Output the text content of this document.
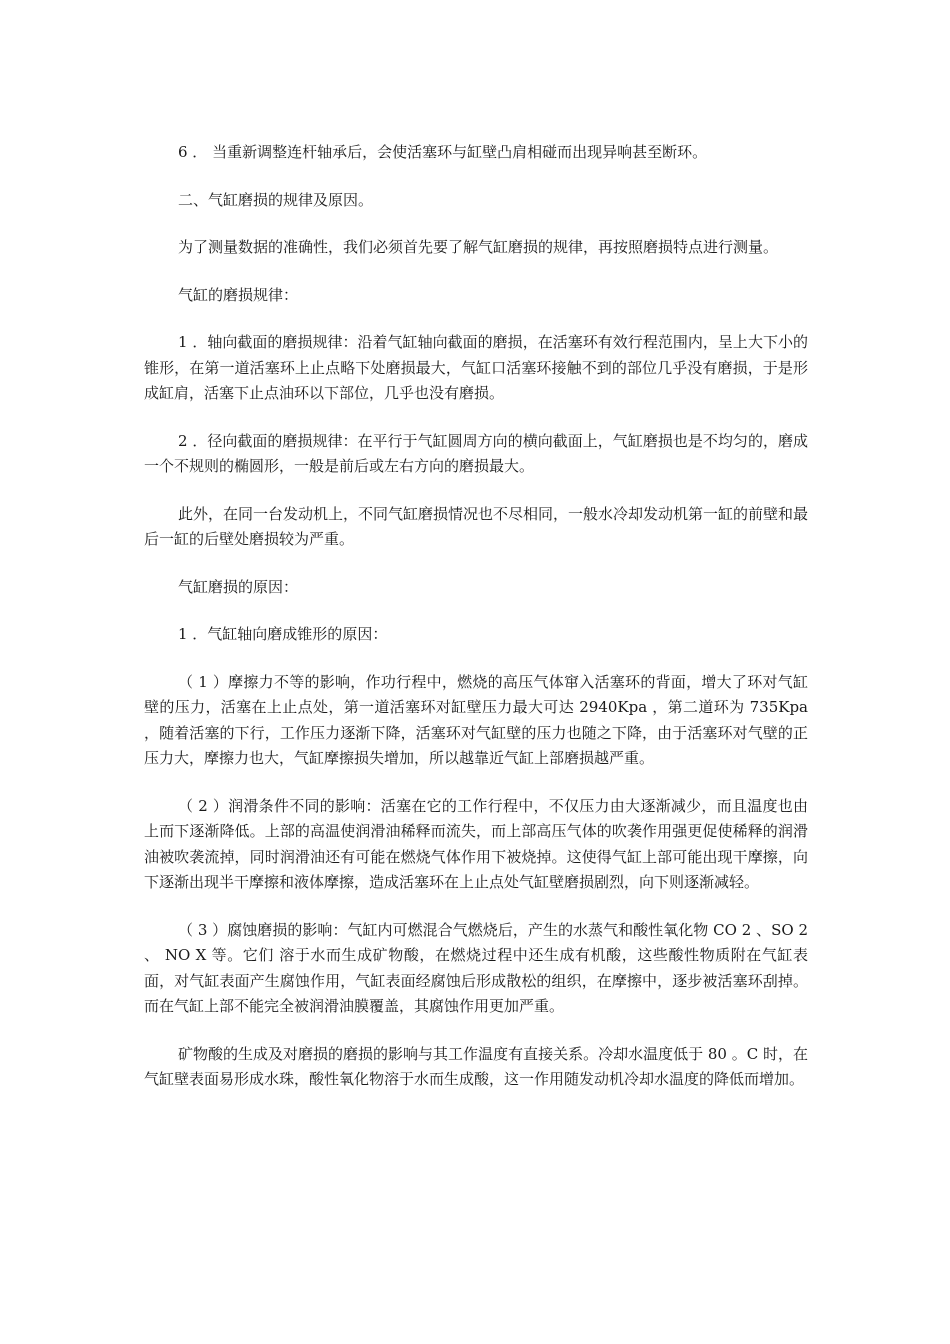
6 ． 当重新调整连杆轴承后，会使活塞环与缸壁凸肩相碰而出现异响甚至断环。

二、气缸磨损的规律及原因。

为了测量数据的准确性，我们必须首先要了解气缸磨损的规律，再按照磨损特点进行测量。

气缸的磨损规律：

1 ．轴向截面的磨损规律：沿着气缸轴向截面的磨损，在活塞环有效行程范围内，呈上大下小的锥形，在第一道活塞环上止点略下处磨损最大，气缸口活塞环接触不到的部位几乎没有磨损，于是形成缸肩，活塞下止点油环以下部位，几乎也没有磨损。

2 ．径向截面的磨损规律：在平行于气缸圆周方向的横向截面上，气缸磨损也是不均匀的，磨成一个不规则的椭圆形，一般是前后或左右方向的磨损最大。

此外，在同一台发动机上，不同气缸磨损情况也不尽相同，一般水冷却发动机第一缸的前壁和最后一缸的后壁处磨损较为严重。

气缸磨损的原因：

1 ．气缸轴向磨成锥形的原因：

（ 1 ）摩擦力不等的影响，作功行程中，燃烧的高压气体窜入活塞环的背面，增大了环对气缸壁的压力，活塞在上止点处，第一道活塞环对缸壁压力最大可达 2940Kpa ，第二道环为 735Kpa ，随着活塞的下行，工作压力逐渐下降，活塞环对气缸壁的压力也随之下降，由于活塞环对气壁的正压力大，摩擦力也大，气缸摩擦损失增加，所以越靠近气缸上部磨损越严重。

（ 2 ）润滑条件不同的影响：活塞在它的工作行程中，不仅压力由大逐渐减少，而且温度也由上而下逐渐降低。上部的高温使润滑油稀释而流失，而上部高压气体的吹袭作用强更促使稀释的润滑油被吹袭流掉，同时润滑油还有可能在燃烧气体作用下被烧掉。这使得气缸上部可能出现干摩擦，向下逐渐出现半干摩擦和液体摩擦，造成活塞环在上止点处气缸壁磨损剧烈，向下则逐渐减轻。

（ 3 ）腐蚀磨损的影响：气缸内可燃混合气燃烧后，产生的水蒸气和酸性氧化物 CO 2 、SO 2 、 NO X 等。它们 溶于水而生成矿物酸，在燃烧过程中还生成有机酸，这些酸性物质附在气缸表面，对气缸表面产生腐蚀作用，气缸表面经腐蚀后形成散松的组织，在摩擦中，逐步被活塞环刮掉。而在气缸上部不能完全被润滑油膜覆盖，其腐蚀作用更加严重。

矿物酸的生成及对磨损的磨损的影响与其工作温度有直接关系。冷却水温度低于 80 。C 时，在气缸壁表面易形成水珠，酸性氧化物溶于水而生成酸，这一作用随发动机冷却水温度的降低而增加。
